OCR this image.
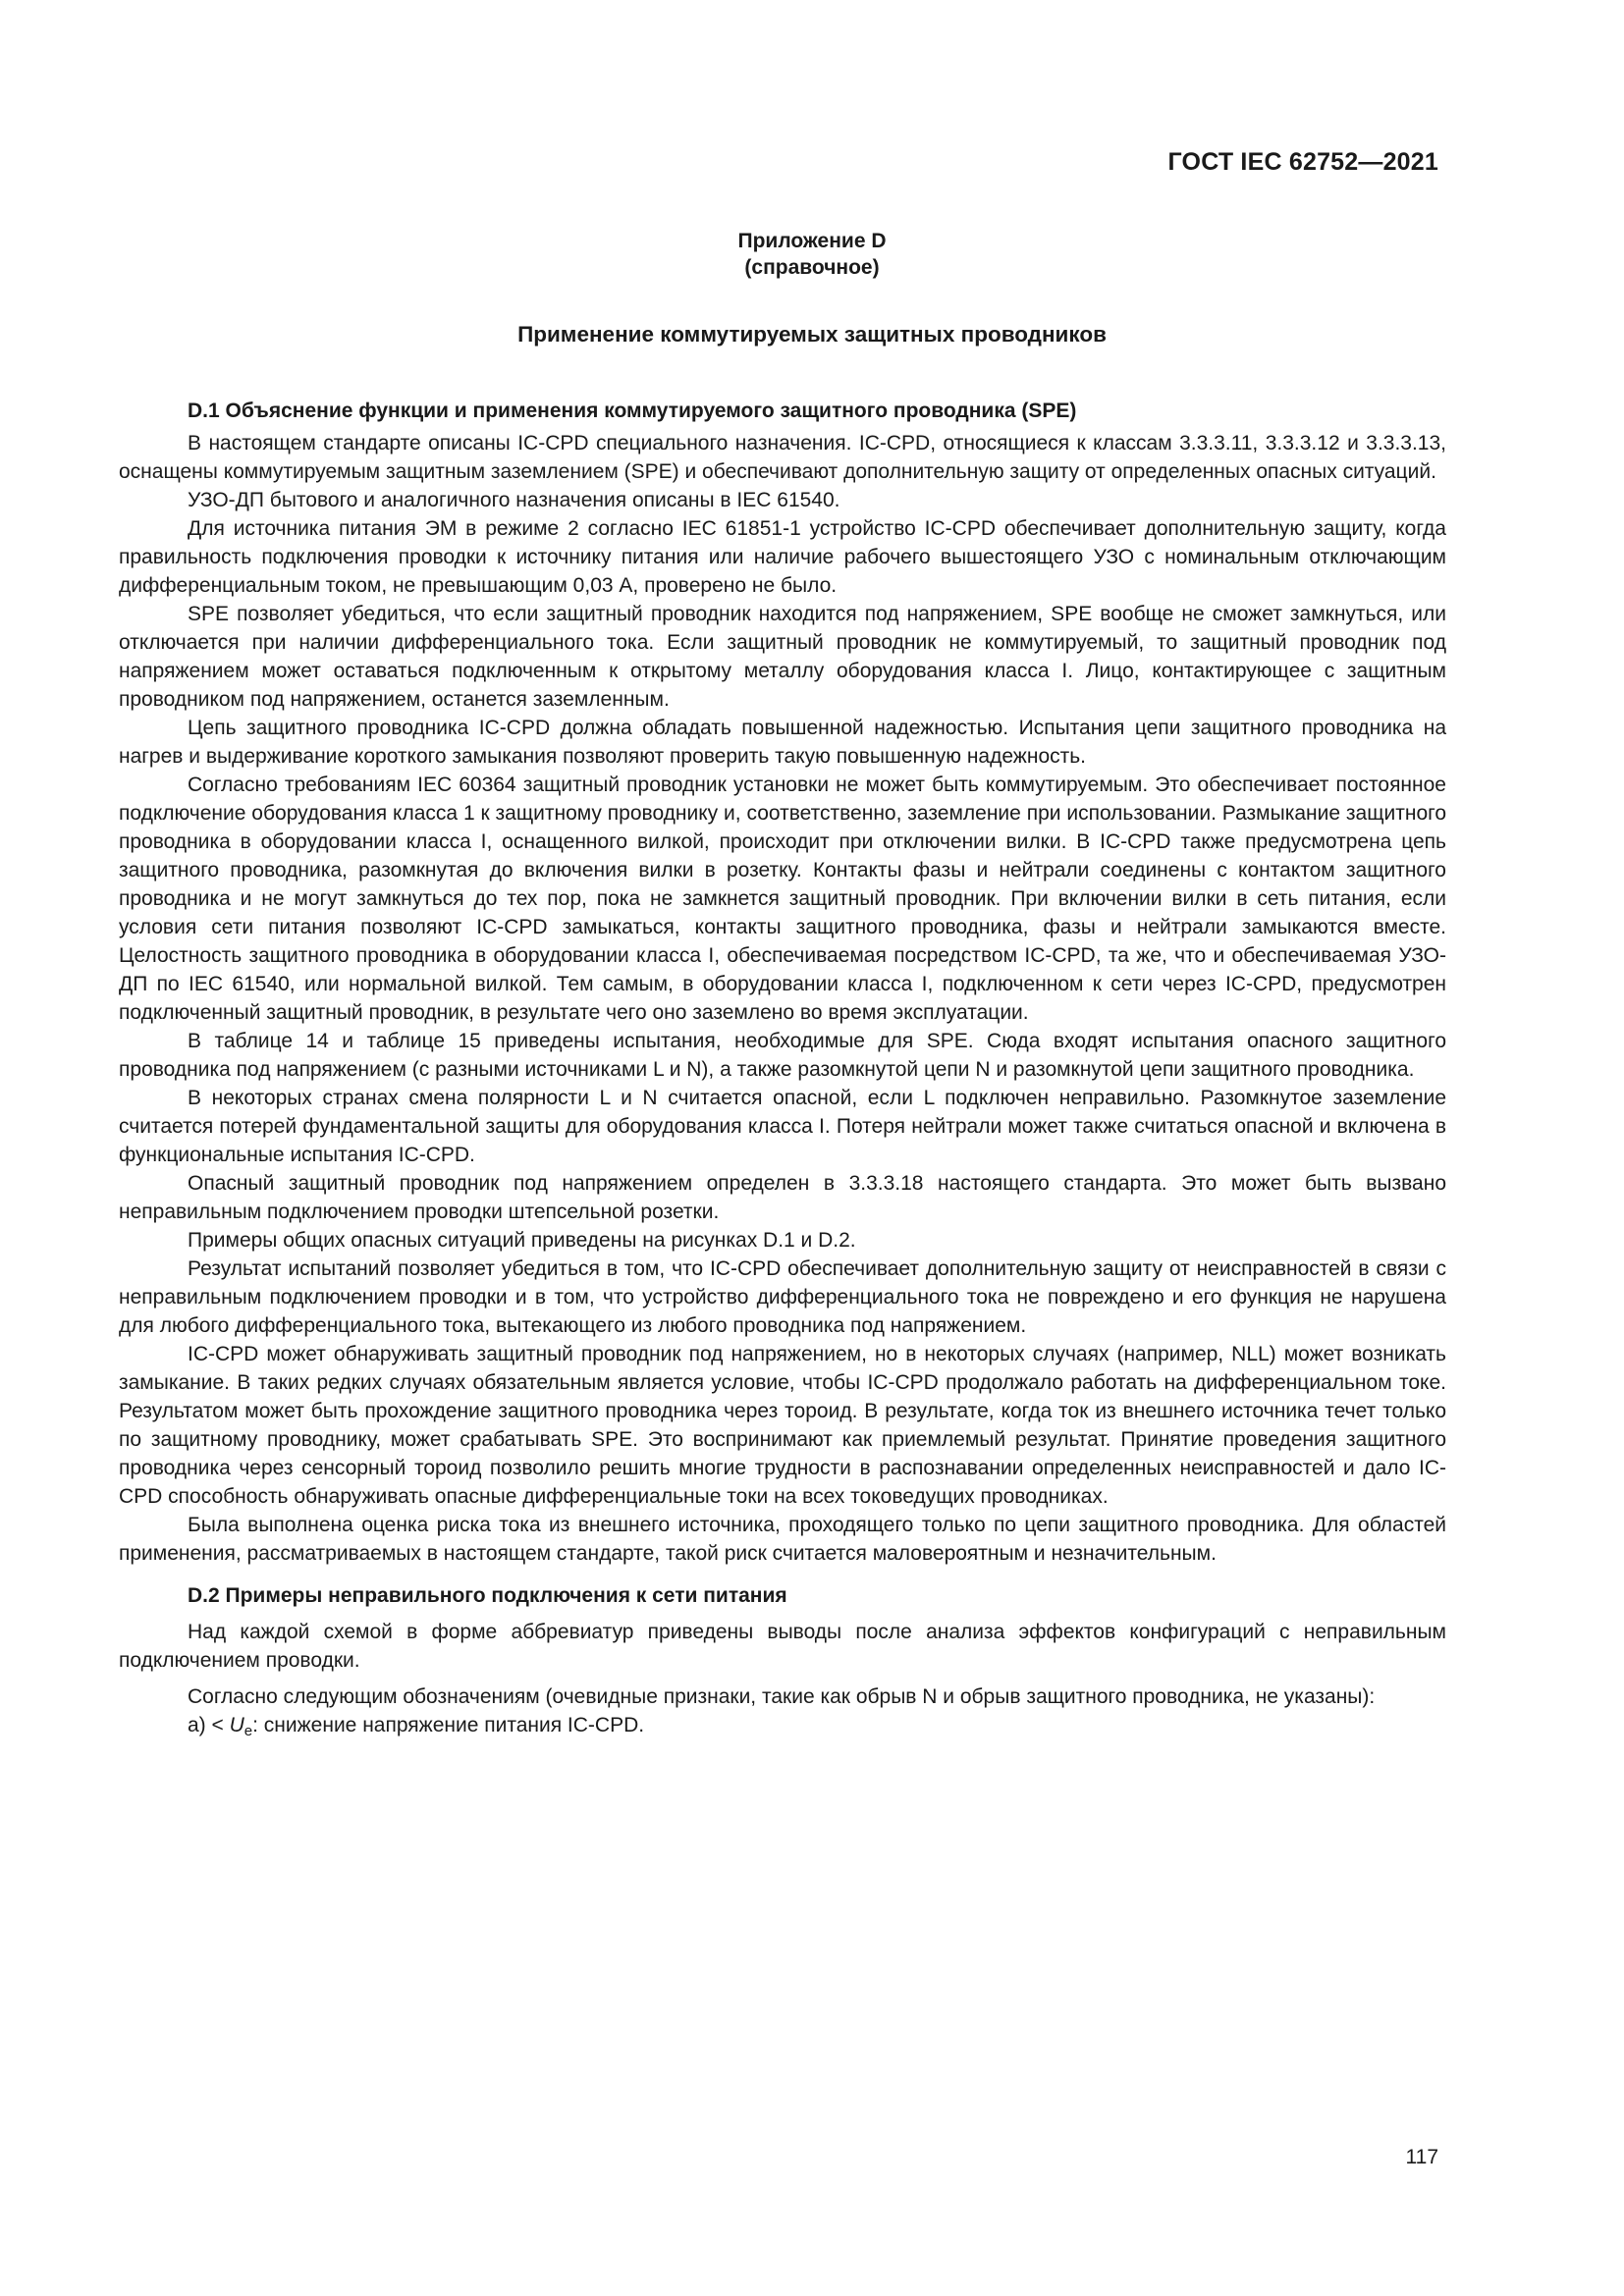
ГОСТ IEC 62752—2021
Приложение D
(справочное)
Применение коммутируемых защитных проводников
D.1 Объяснение функции и применения коммутируемого защитного проводника (SPE)

В настоящем стандарте описаны IC-CPD специального назначения. IC-CPD, относящиеся к классам 3.3.3.11, 3.3.3.12 и 3.3.3.13, оснащены коммутируемым защитным заземлением (SPE) и обеспечивают дополнительную защиту от определенных опасных ситуаций.

УЗО-ДП бытового и аналогичного назначения описаны в IEC 61540.

Для источника питания ЭМ в режиме 2 согласно IEC 61851-1 устройство IC-CPD обеспечивает дополнительную защиту, когда правильность подключения проводки к источнику питания или наличие рабочего вышестоящего УЗО с номинальным отключающим дифференциальным током, не превышающим 0,03 А, проверено не было.

SPE позволяет убедиться, что если защитный проводник находится под напряжением, SPE вообще не сможет замкнуться, или отключается при наличии дифференциального тока. Если защитный проводник не коммутируемый, то защитный проводник под напряжением может оставаться подключенным к открытому металлу оборудования класса I. Лицо, контактирующее с защитным проводником под напряжением, останется заземленным.

Цепь защитного проводника IC-CPD должна обладать повышенной надежностью. Испытания цепи защитного проводника на нагрев и выдерживание короткого замыкания позволяют проверить такую повышенную надежность.

Согласно требованиям IEC 60364 защитный проводник установки не может быть коммутируемым. Это обеспечивает постоянное подключение оборудования класса 1 к защитному проводнику и, соответственно, заземление при использовании. Размыкание защитного проводника в оборудовании класса I, оснащенного вилкой, происходит при отключении вилки. В IC-CPD также предусмотрена цепь защитного проводника, разомкнутая до включения вилки в розетку. Контакты фазы и нейтрали соединены с контактом защитного проводника и не могут замкнуться до тех пор, пока не замкнется защитный проводник. При включении вилки в сеть питания, если условия сети питания позволяют IC-CPD замыкаться, контакты защитного проводника, фазы и нейтрали замыкаются вместе. Целостность защитного проводника в оборудовании класса I, обеспечиваемая посредством IC-CPD, та же, что и обеспечиваемая УЗО-ДП по IEC 61540, или нормальной вилкой. Тем самым, в оборудовании класса I, подключенном к сети через IC-CPD, предусмотрен подключенный защитный проводник, в результате чего оно заземлено во время эксплуатации.

В таблице 14 и таблице 15 приведены испытания, необходимые для SPE. Сюда входят испытания опасного защитного проводника под напряжением (с разными источниками L и N), а также разомкнутой цепи N и разомкнутой цепи защитного проводника.

В некоторых странах смена полярности L и N считается опасной, если L подключен неправильно. Разомкнутое заземление считается потерей фундаментальной защиты для оборудования класса I. Потеря нейтрали может также считаться опасной и включена в функциональные испытания IC-CPD.

Опасный защитный проводник под напряжением определен в 3.3.3.18 настоящего стандарта. Это может быть вызвано неправильным подключением проводки штепсельной розетки.

Примеры общих опасных ситуаций приведены на рисунках D.1 и D.2.

Результат испытаний позволяет убедиться в том, что IC-CPD обеспечивает дополнительную защиту от неисправностей в связи с неправильным подключением проводки и в том, что устройство дифференциального тока не повреждено и его функция не нарушена для любого дифференциального тока, вытекающего из любого проводника под напряжением.

IC-CPD может обнаруживать защитный проводник под напряжением, но в некоторых случаях (например, NLL) может возникать замыкание. В таких редких случаях обязательным является условие, чтобы IC-CPD продолжало работать на дифференциальном токе. Результатом может быть прохождение защитного проводника через тороид. В результате, когда ток из внешнего источника течет только по защитному проводнику, может срабатывать SPE. Это воспринимают как приемлемый результат. Принятие проведения защитного проводника через сенсорный тороид позволило решить многие трудности в распознавании определенных неисправностей и дало IC-CPD способность обнаруживать опасные дифференциальные токи на всех токоведущих проводниках.

Была выполнена оценка риска тока из внешнего источника, проходящего только по цепи защитного проводника. Для областей применения, рассматриваемых в настоящем стандарте, такой риск считается маловероятным и незначительным.

D.2 Примеры неправильного подключения к сети питания

Над каждой схемой в форме аббревиатур приведены выводы после анализа эффектов конфигураций с неправильным подключением проводки.

Согласно следующим обозначениям (очевидные признаки, такие как обрыв N и обрыв защитного проводника, не указаны):

$а) < U_e$: снижение напряжение питания IC-CPD.

117
